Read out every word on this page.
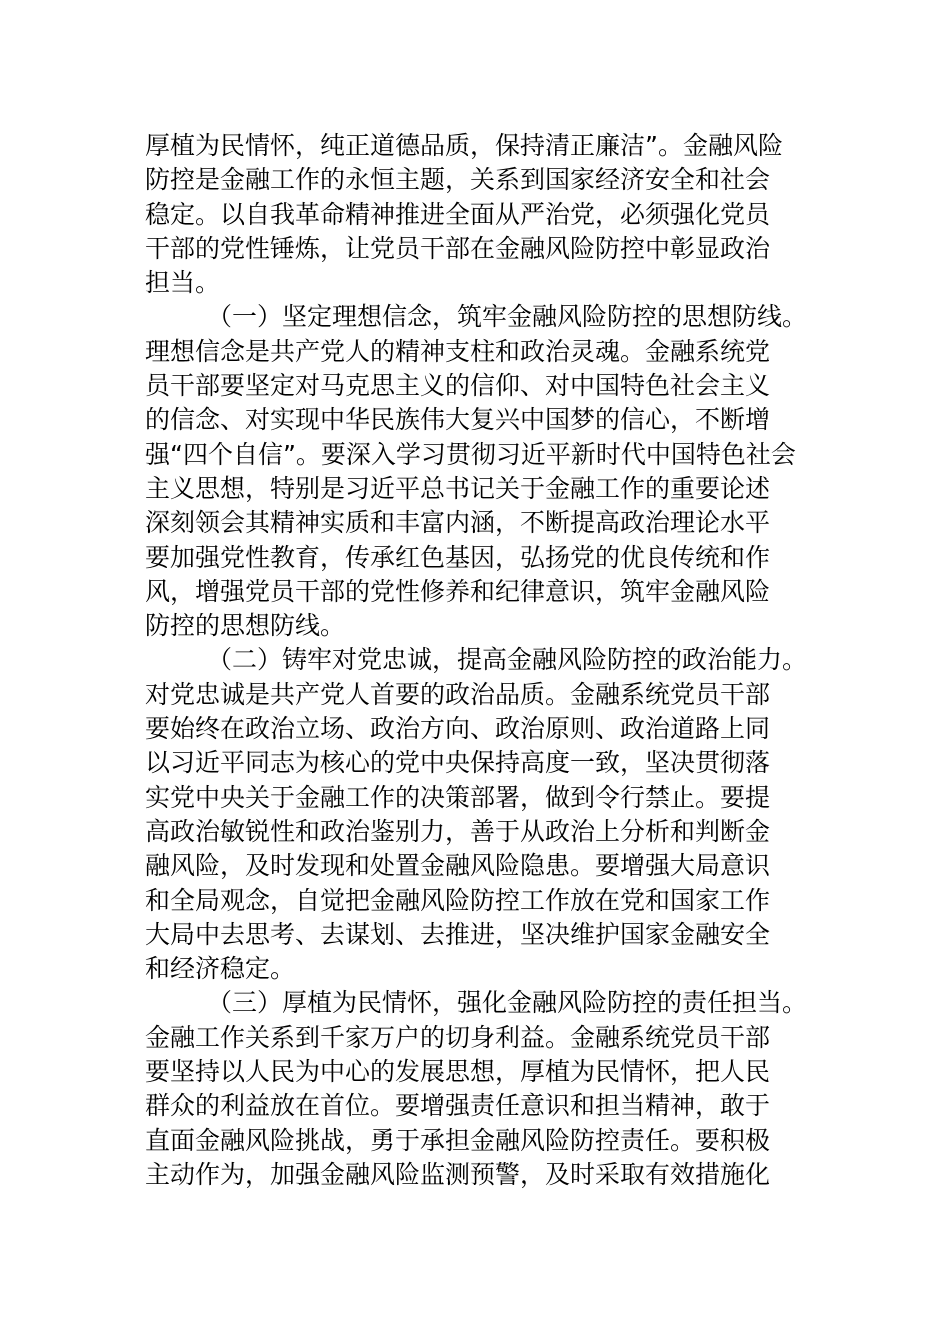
厚植为民情怀，纯正道德品质，保持清正廉洁”。金融风险
防控是金融工作的永恒主题，关系到国家经济安全和社会
稳定。以自我革命精神推进全面从严治党，必须强化党员
干部的党性锤炼，让党员干部在金融风险防控中彰显政治
担当。
（一）坚定理想信念，筑牢金融风险防控的思想防线。
理想信念是共产党人的精神支柱和政治灵魂。金融系统党
员干部要坚定对马克思主义的信仰、对中国特色社会主义
的信念、对实现中华民族伟大复兴中国梦的信心，不断增
强“四个自信”。要深入学习贯彻习近平新时代中国特色社会
主义思想，特别是习近平总书记关于金融工作的重要论述
深刻领会其精神实质和丰富内涵，不断提高政治理论水平
要加强党性教育，传承红色基因，弘扬党的优良传统和作
风，增强党员干部的党性修养和纪律意识，筑牢金融风险
防控的思想防线。
（二）铸牢对党忠诚，提高金融风险防控的政治能力。
对党忠诚是共产党人首要的政治品质。金融系统党员干部
要始终在政治立场、政治方向、政治原则、政治道路上同
以习近平同志为核心的党中央保持高度一致，坚决贯彻落
实党中央关于金融工作的决策部署，做到令行禁止。要提
高政治敏锐性和政治鉴别力，善于从政治上分析和判断金
融风险，及时发现和处置金融风险隐患。要增强大局意识
和全局观念，自觉把金融风险防控工作放在党和国家工作
大局中去思考、去谋划、去推进，坚决维护国家金融安全
和经济稳定。
（三）厚植为民情怀，强化金融风险防控的责任担当。
金融工作关系到千家万户的切身利益。金融系统党员干部
要坚持以人民为中心的发展思想，厚植为民情怀，把人民
群众的利益放在首位。要增强责任意识和担当精神，敢于
直面金融风险挑战，勇于承担金融风险防控责任。要积极
主动作为，加强金融风险监测预警，及时采取有效措施化
